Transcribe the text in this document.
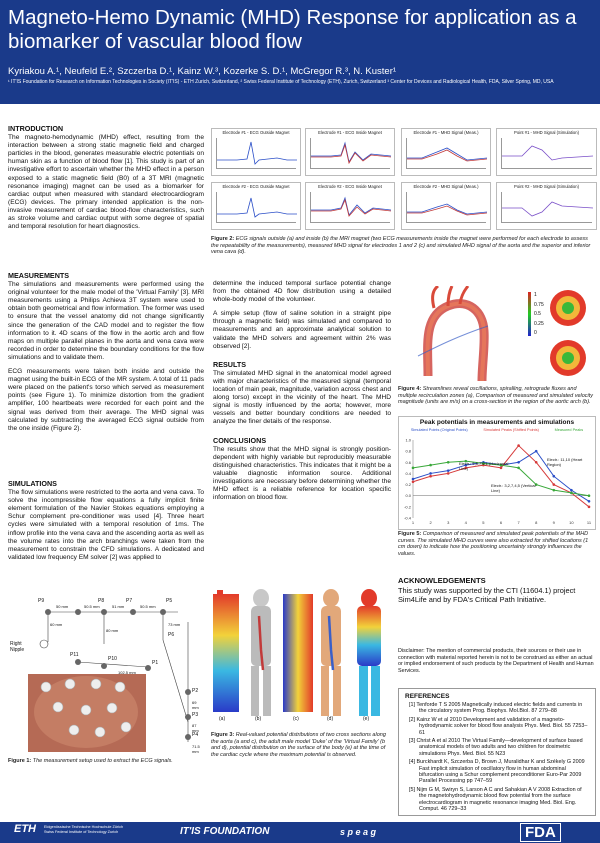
Magneto-Hemo Dynamic (MHD) Response for application as a biomarker of vascular blood flow
Kyriakou A.¹, Neufeld E.², Szczerba D.¹, Kainz W.³, Kozerke S. D.¹, McGregor R.³, N. Kuster¹
¹ IT'IS Foundation for Research on Information Technologies in Society (IT'IS) - ETH Zurich, Switzerland, ² Swiss Federal Institute of Technology (ETH), Zurich, Switzerland ³ Center for Devices and Radiological Health, FDA, Silver Spring, MD, USA
INTRODUCTION

The magneto-hemodynamic (MHD) effect, resulting from the interaction between a strong static magnetic field and charged particles in the blood, generates measurable electric potentials on human skin as a function of blood flow [1]. This study is part of an investigative effort to ascertain whether the MHD effect in a person exposed to a static magnetic field (B0) of a 3T MRI (magnetic resonance imaging) magnet can be used as a biomarker for cardiac output when measured with standard electrocardiogram (ECG) devices. The primary intended application is the non-invasive measurement of cardiac blood-flow characteristics, such as stroke volume and cardiac output with some degree of spatial and temporal resolution for heart diagnostics.

MEASUREMENTS

The simulations and measurements were performed using the original volunteer for the male model of the 'Virtual Family' [3]. MRI measurements using a Philips Achieva 3T system were used to obtain both geometrical and flow information. The former was used to ensure that the vessel anatomy did not change significantly since the generation of the CAD model and to register the flow information to it. 4D scans of the flow in the aortic arch and flow maps on multiple parallel planes in the aorta and vena cava were recorded in order to determine the boundary conditions for the flow simulations and to validate them.

ECG measurements were taken both inside and outside the magnet using the built-in ECG of the MR system. A total of 11 pads were placed on the patient's torso which served as measurement points (see Figure 1). To minimize distortion from the gradient amplifier, 100 heartbeats were recorded for each point and the signal was derived from their average. The MHD signal was calculated by subtracting the averaged ECG signal outside from the one inside (Figure 2).

SIMULATIONS

The flow simulations were restricted to the aorta and vena cava. To solve the incompressible flow equations a fully implicit finite element formulation of the Navier Stokes equations employing a Schur complement pre-conditioner was used [4]. Three heart cycles were simulated with a temporal resolution of 1ms. The inflow profile into the vena cava and the ascending aorta as well as the volume rates into the arch branchings were taken from the measurement to constrain the CFD simulations. A dedicated and validated low frequency EM solver [2] was applied to

determine the induced temporal surface potential change from the obtained 4D flow distribution using a detailed whole-body model of the volunteer.

A simple setup (flow of saline solution in a straight pipe through a magnetic field) was simulated and compared to measurements and an approximate analytical solution to validate the MHD solvers and agreement within 2% was observed [2].

RESULTS

The simulated MHD signal in the anatomical model agreed with major characteristics of the measured signal (temporal location of main peak, magnitude, variation across chest and along torso) except in the vicinity of the heart. The MHD signal is mostly influenced by the aorta; however, more vessels and better boundary conditions are needed to analyze the finer details of the response.

CONCLUSIONS

The results show that the MHD signal is strongly position-dependent with highly variable but reproducibly measurable distinguished characteristics. This indicates that it might be a valuable diagnostic information source. Additional investigations are necessary before determining whether the MHD effect is a reliable reference for location specific information on blood flow.

Electrode #1 - ECG Outside Magnet	Electrode #1 - ECG Inside Magnet	Electrode #1 - MHD Signal (Meas.)	Point #1 - MHD Signal (Simulation)
Electrode #2 - ECG Outside Magnet	Electrode #2 - ECG Inside Magnet	Electrode #2 - MHD Signal (Meas.)	Point #2 - MHD Signal (Simulation)
Figure 2: ECG signals outside (a) and inside (b) the MRI magnet (two ECG measurements inside the magnet were performed for each electrode to assess the repeatability of the measurements), measured MHD signal for electrodes 1 and 2 (c) and simulated MHD signal of the aorta and the superior and inferior vena cava (d).
1
0.75
0.5
0.25
0
Figure 4: Streamlines reveal oscillations, spiralling, retrograde fluxes and multiple recirculation zones (a), Comparison of measured and simulated velocity magnitude (units are m/s) on a cross-section in the region of the aortic arch (b).
Peak potentials in measurements and simulations
Simulated Points (Original Points)	Simulated Peaks (Shifted Points)	Measured Peaks
-0.4
-0.2
0.0
0.2
0.4
0.6
0.8
1.0
1	2	3	4	5	6	7	8	9	10	11
Electr.: 5,8,7,6,1 (Horizontal Line)
Electr.: 11,10 (Heart Region)
Electr.: 3,2,7,4,5 (Vertical Line)
Figure 5: Comparison of measured and simulated peak potentials of the MHD curves. The simulated MHD curves were also extracted for shifted locations (1 cm down) to indicate how the positioning uncertainty strongly influences the values.
Right Nipple
P9	P8	P7	P5
P11
P10
P1
P2
P3
P4
P6
50 mm	50.5 mm	51 mm	50.5 mm
60 mm
80 mm
102.5 mm
69 mm
87 mm
71.5 mm
73 mm
Figure 1: The measurement setup used to extract the ECG signals.
(a)	(b)	(c)	(d)	(e)
Figure 3: Real-valued potential distributions of two cross sections along the aorta (a and c), the adult male model 'Duke' of the 'Virtual Family' (b and d), potential distribution on the surface of the body (e) at the time of the cardiac cycle where the maximum potential is observed.
ACKNOWLEDGEMENTS
This study was supported by the CTI (11604.1) project Sim4Life and by FDA's Critical Path Initiative.
Disclaimer: The mention of commercial products, their sources or their use in connection with material reported herein is not to be construed as either an actual or implied endorsement of such products by the Department of Health and Human Services.
REFERENCES
[1] Tenforde T S 2005 Magnetically induced electric fields and currents in the circulatory system Prog. Biophys. Mol.Biol. 87 279–88
[2] Kainz W et al 2010 Development and validation of a magneto-hydrodynamic solver for blood flow analysis Phys. Med. Biol. 55 7253–61
[3] Christ A et al 2010 The Virtual Family—development of surface based anatomical models of two adults and two children for dosimetric simulations Phys. Med. Biol. 55 N23
[4] Burckhardt K, Szczerba D, Brown J, Muralidhar K and Székely G 2009 Fast implicit simulation of oscillatory flow in human abdominal bifurcation using a Schur complement preconditioner Euro-Par 2009 Parallel Processing pp 747–59
[5] Nijm G M, Swiryn S, Larson A C and Sahakian A V 2008 Extraction of the magnetohydrodynamic blood flow potential from the surface electrocardiogram in magnetic resonance imaging Med. Biol. Eng. Comput. 46 729–33
ETH Eidgenössische Technische Hochschule Zürich
Swiss Federal Institute of Technology Zurich	IT'IS FOUNDATION	s p e a g	FDA
